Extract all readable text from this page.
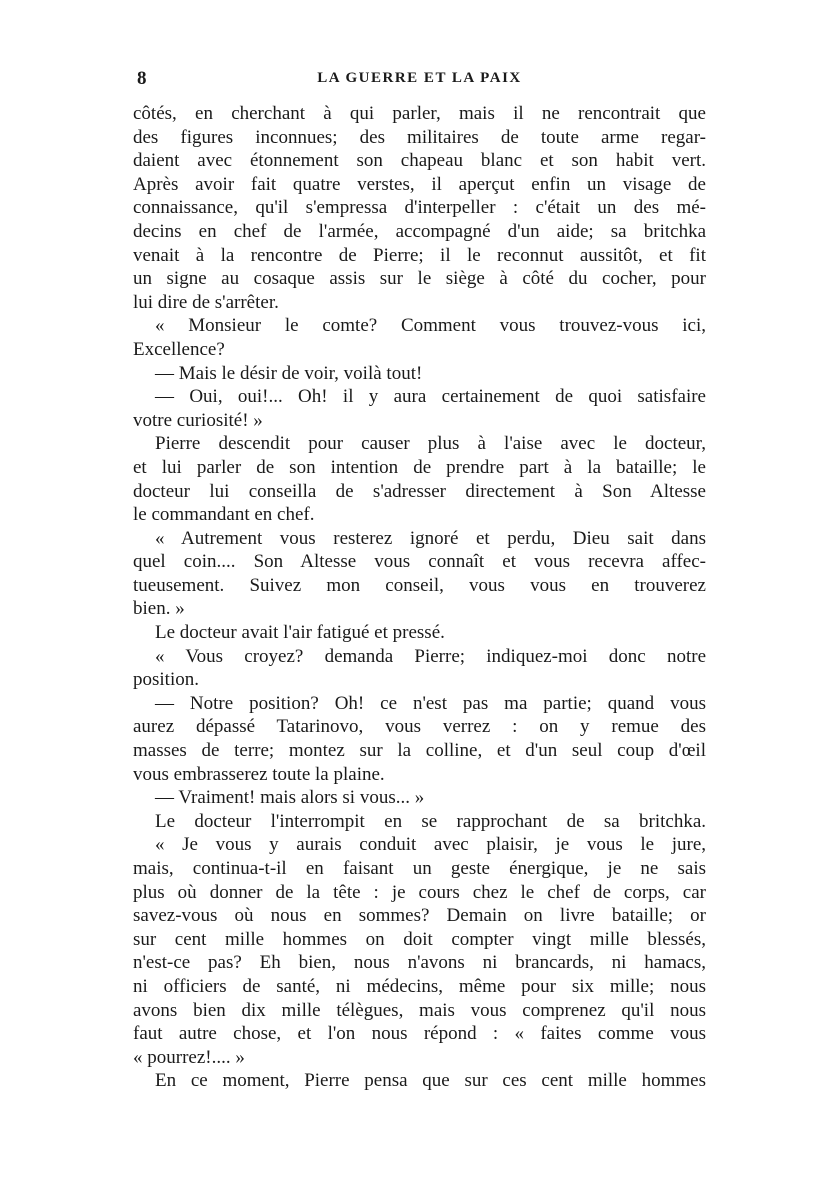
8	LA GUERRE ET LA PAIX
côtés, en cherchant à qui parler, mais il ne rencontrait que
des figures inconnues; des militaires de toute arme regar-
daient avec étonnement son chapeau blanc et son habit vert.
Après avoir fait quatre verstes, il aperçut enfin un visage de
connaissance, qu'il s'empressa d'interpeller : c'était un des mé-
decins en chef de l'armée, accompagné d'un aide; sa britchka
venait à la rencontre de Pierre; il le reconnut aussitôt, et fit
un signe au cosaque assis sur le siège à côté du cocher, pour
lui dire de s'arrêter.
« Monsieur le comte? Comment vous trouvez-vous ici,
Excellence?
— Mais le désir de voir, voilà tout!
— Oui, oui!... Oh! il y aura certainement de quoi satisfaire
votre curiosité! »
Pierre descendit pour causer plus à l'aise avec le docteur,
et lui parler de son intention de prendre part à la bataille; le
docteur lui conseilla de s'adresser directement à Son Altesse
le commandant en chef.
« Autrement vous resterez ignoré et perdu, Dieu sait dans
quel coin.... Son Altesse vous connaît et vous recevra affec-
tueusement. Suivez mon conseil, vous vous en trouverez
bien. »
Le docteur avait l'air fatigué et pressé.
« Vous croyez? demanda Pierre; indiquez-moi donc notre
position.
— Notre position? Oh! ce n'est pas ma partie; quand vous
aurez dépassé Tatarinovo, vous verrez : on y remue des
masses de terre; montez sur la colline, et d'un seul coup d'œil
vous embrasserez toute la plaine.
— Vraiment! mais alors si vous... »
Le docteur l'interrompit en se rapprochant de sa britchka.
« Je vous y aurais conduit avec plaisir, je vous le jure,
mais, continua-t-il en faisant un geste énergique, je ne sais
plus où donner de la tête : je cours chez le chef de corps, car
savez-vous où nous en sommes? Demain on livre bataille; or
sur cent mille hommes on doit compter vingt mille blessés,
n'est-ce pas? Eh bien, nous n'avons ni brancards, ni hamacs,
ni officiers de santé, ni médecins, même pour six mille; nous
avons bien dix mille télègues, mais vous comprenez qu'il nous
faut autre chose, et l'on nous répond : « faites comme vous
« pourrez!.... »
En ce moment, Pierre pensa que sur ces cent mille hommes
